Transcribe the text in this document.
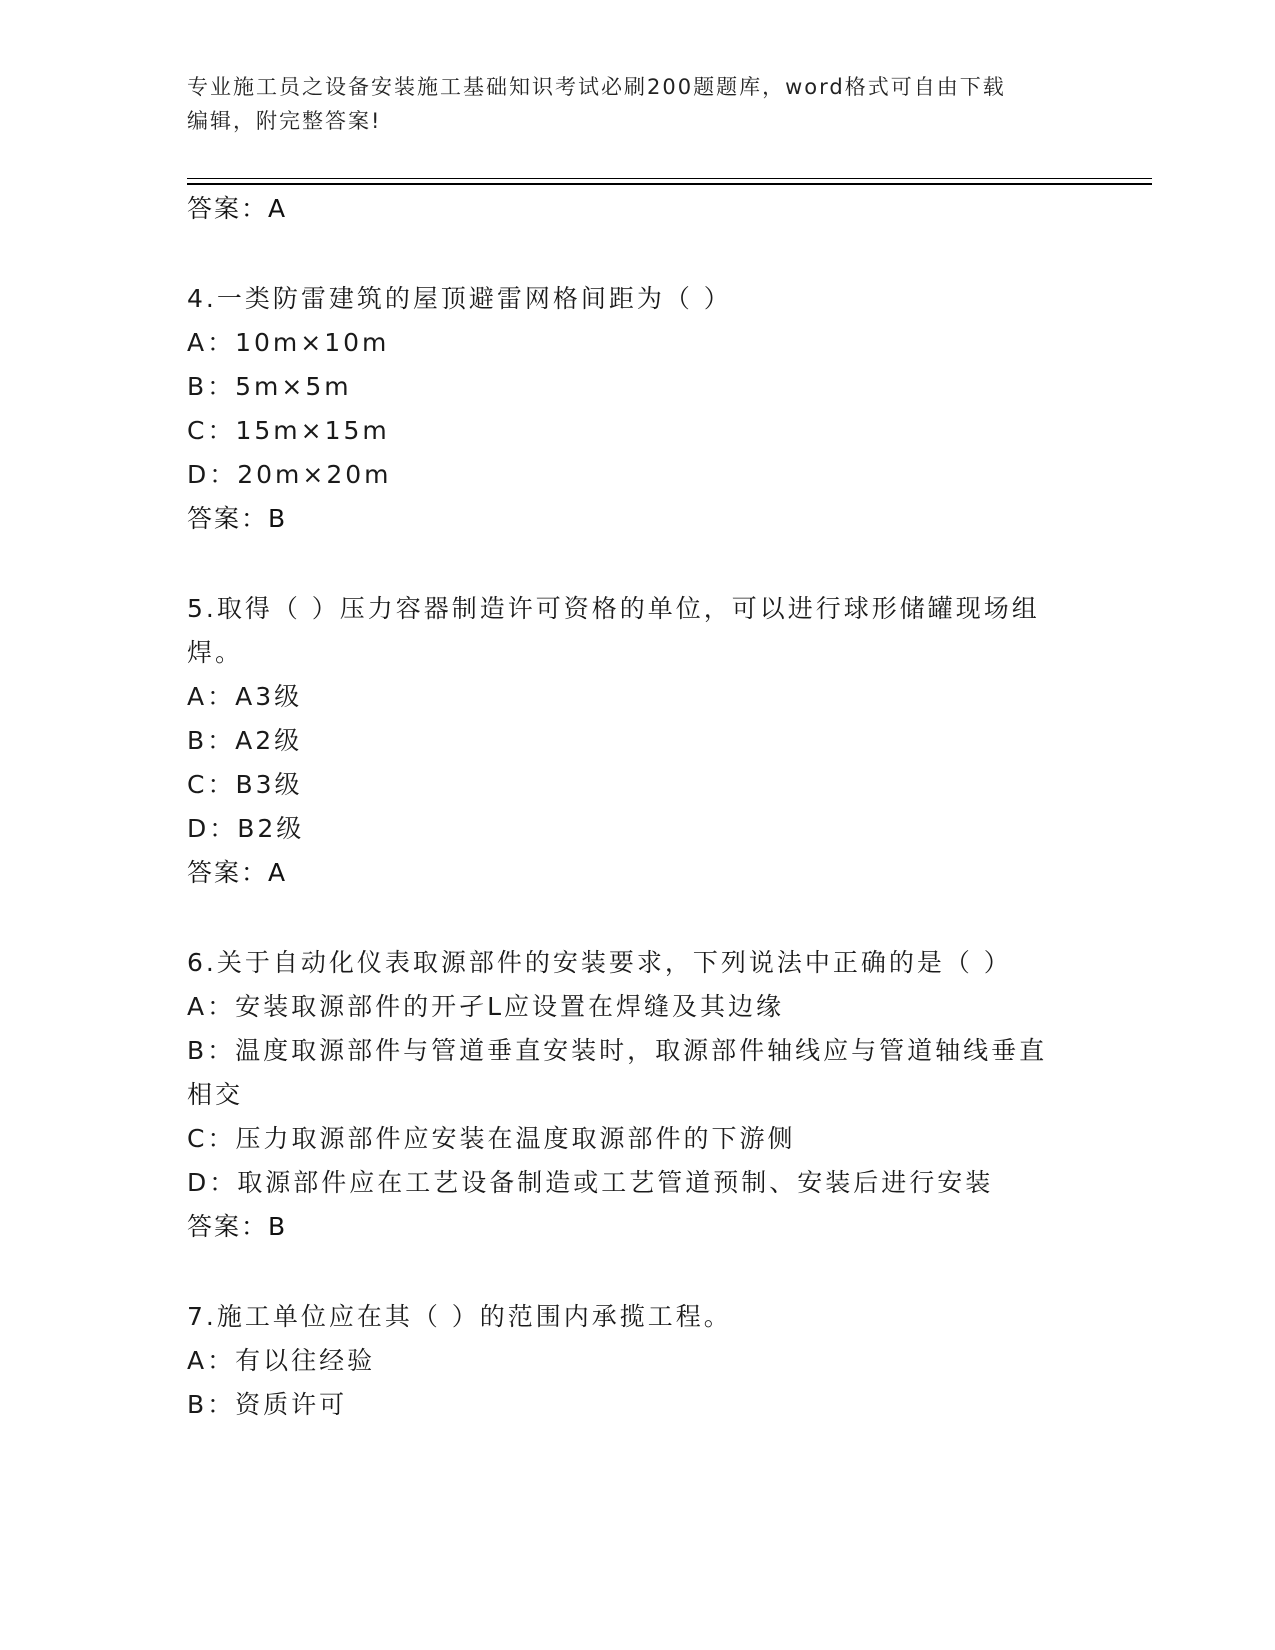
专业施工员之设备安装施工基础知识考试必刷200题题库，word格式可自由下载
编辑，附完整答案!
答案：A
4.一类防雷建筑的屋顶避雷网格间距为（ ）
A：10m×10m
B：5m×5m
C：15m×15m
D：20m×20m
答案：B
5.取得（ ）压力容器制造许可资格的单位，可以进行球形储罐现场组
焊。
A：A3级
B：A2级
C：B3级
D：B2级
答案：A
6.关于自动化仪表取源部件的安装要求，下列说法中正确的是（ ）
A：安装取源部件的开孑L应设置在焊缝及其边缘
B：温度取源部件与管道垂直安装时，取源部件轴线应与管道轴线垂直
相交
C：压力取源部件应安装在温度取源部件的下游侧
D：取源部件应在工艺设备制造或工艺管道预制、安装后进行安装
答案：B
7.施工单位应在其（ ）的范围内承揽工程。
A：有以往经验
B：资质许可
